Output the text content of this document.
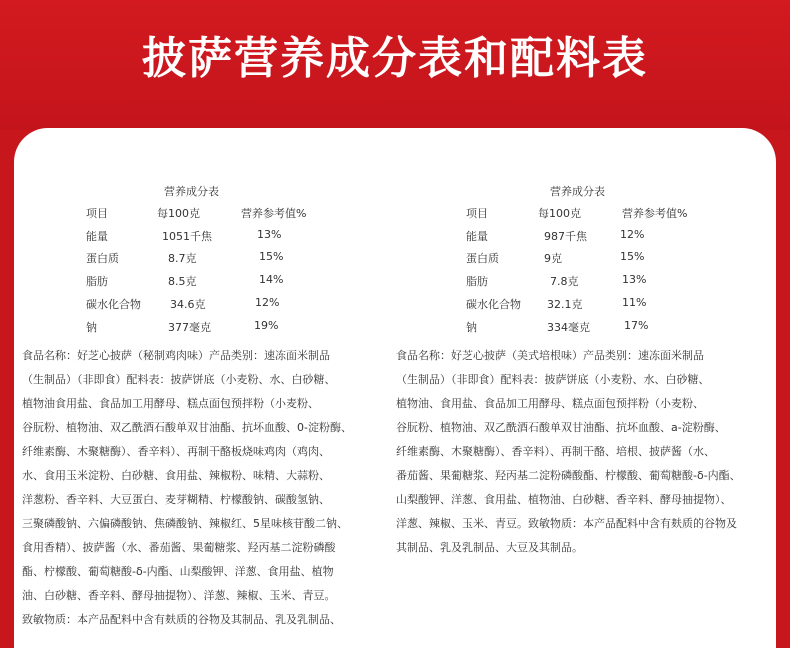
披萨营养成分表和配料表
营养成分表
项目	每100克	营养参考值%
能量	1051千焦	13%
蛋白质	8.7克	15%
脂肪	8.5克	14%
碳水化合物	34.6克	12%
钠	377毫克	19%
食品名称：好芝心披萨（秘制鸡肉味）产品类别：速冻面米制品
（生制品）（非即食）配料表：披萨饼底（小麦粉、水、白砂糖、
植物油食用盐、食品加工用酵母、糕点面包预拌粉（小麦粉、
谷朊粉、植物油、双乙酰酒石酸单双甘油酯、抗坏血酸、0-淀粉酶、
纤维素酶、木聚糖酶）、香辛料）、再制干酪板烧味鸡肉（鸡肉、
水、食用玉米淀粉、白砂糖、食用盐、辣椒粉、味精、大蒜粉、
洋葱粉、香辛料、大豆蛋白、麦芽糊精、柠檬酸钠、碳酸氢钠、
三聚磷酸钠、六偏磷酸钠、焦磷酸钠、辣椒红、5星味核苷酸二钠、
食用香精）、披萨酱（水、番茄酱、果葡糖浆、羟丙基二淀粉磷酸
酯、柠檬酸、葡萄糖酸-δ-内酯、山梨酸钾、洋葱、食用盐、植物
油、白砂糖、香辛料、酵母抽提物）、洋葱、辣椒、玉米、青豆。
致敏物质：本产品配料中含有麸质的谷物及其制品、乳及乳制品、
营养成分表
项目	每100克	营养参考值%
能量	987千焦	12%
蛋白质	9克	15%
脂肪	7.8克	13%
碳水化合物 32.1克	11%
钠	334毫克	17%
食品名称：好芝心披萨（美式培根味）产品类别：速冻面米制品
（生制品）（非即食）配料表：披萨饼底（小麦粉、水、白砂糖、
植物油、食用盐、食品加工用酵母、糕点面包预拌粉（小麦粉、
谷朊粉、植物油、双乙酰酒石酸单双甘油酯、抗坏血酸、a-淀粉酶、
纤维素酶、木聚糖酶）、香辛料）、再制干酪、培根、披萨酱（水、
番茄酱、果葡糖浆、羟丙基二淀粉磷酸酯、柠檬酸、葡萄糖酸-δ-内酯、
山梨酸钾、洋葱、食用盐、植物油、白砂糖、香辛料、酵母抽提物）、
洋葱、辣椒、玉米、青豆。致敏物质：本产品配料中含有麸质的谷物及
其制品、乳及乳制品、大豆及其制品。
